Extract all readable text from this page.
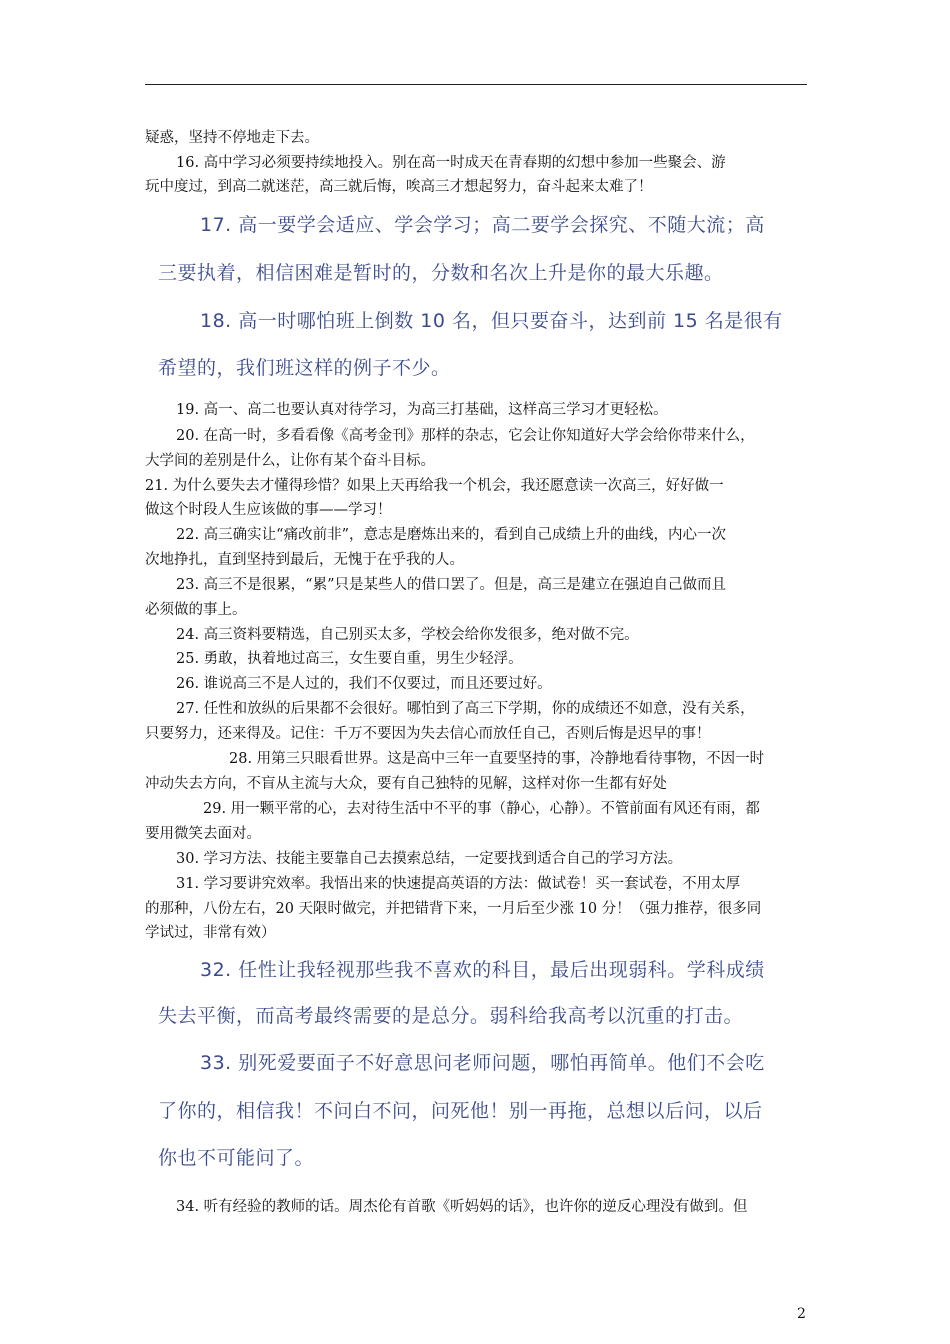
疑惑，坚持不停地走下去。
16. 高中学习必须要持续地投入。别在高一时成天在青春期的幻想中参加一些聚会、游
玩中度过，到高二就迷茫，高三就后悔，唉高三才想起努力，奋斗起来太难了！
17. 高一要学会适应、学会学习；高二要学会探究、不随大流；高
三要执着，相信困难是暂时的，分数和名次上升是你的最大乐趣。
18. 高一时哪怕班上倒数 10 名，但只要奋斗，达到前 15 名是很有
希望的，我们班这样的例子不少。
19. 高一、高二也要认真对待学习，为高三打基础，这样高三学习才更轻松。
20. 在高一时，多看看像《高考金刊》那样的杂志，它会让你知道好大学会给你带来什么，
大学间的差别是什么，让你有某个奋斗目标。
21. 为什么要失去才懂得珍惜？如果上天再给我一个机会，我还愿意读一次高三，好好做一
做这个时段人生应该做的事——学习！
22. 高三确实让“痛改前非”，意志是磨炼出来的，看到自己成绩上升的曲线，内心一次
次地挣扎，直到坚持到最后，无愧于在乎我的人。
23. 高三不是很累，“累”只是某些人的借口罢了。但是，高三是建立在强迫自己做而且
必须做的事上。
24. 高三资料要精选，自己别买太多，学校会给你发很多，绝对做不完。
25. 勇敢，执着地过高三，女生要自重，男生少轻浮。
26. 谁说高三不是人过的，我们不仅要过，而且还要过好。
27. 任性和放纵的后果都不会很好。哪怕到了高三下学期，你的成绩还不如意，没有关系，
只要努力，还来得及。记住：千万不要因为失去信心而放任自己，否则后悔是迟早的事！
28. 用第三只眼看世界。这是高中三年一直要坚持的事，冷静地看待事物，不因一时
冲动失去方向，不盲从主流与大众，要有自己独特的见解，这样对你一生都有好处
29. 用一颗平常的心，去对待生活中不平的事（静心，心静）。不管前面有风还有雨，都
要用微笑去面对。
30. 学习方法、技能主要靠自己去摸索总结，一定要找到适合自己的学习方法。
31. 学习要讲究效率。我悟出来的快速提高英语的方法：做试卷！买一套试卷，不用太厚
的那种，八份左右，20 天限时做完，并把错背下来，一月后至少涨 10 分！（强力推荐，很多同
学试过，非常有效）
32. 任性让我轻视那些我不喜欢的科目，最后出现弱科。学科成绩
失去平衡，而高考最终需要的是总分。弱科给我高考以沉重的打击。
33. 别死爱要面子不好意思问老师问题，哪怕再简单。他们不会吃
了你的，相信我！不问白不问，问死他！别一再拖，总想以后问，以后
你也不可能问了。
34. 听有经验的教师的话。周杰伦有首歌《听妈妈的话》，也许你的逆反心理没有做到。但
2
